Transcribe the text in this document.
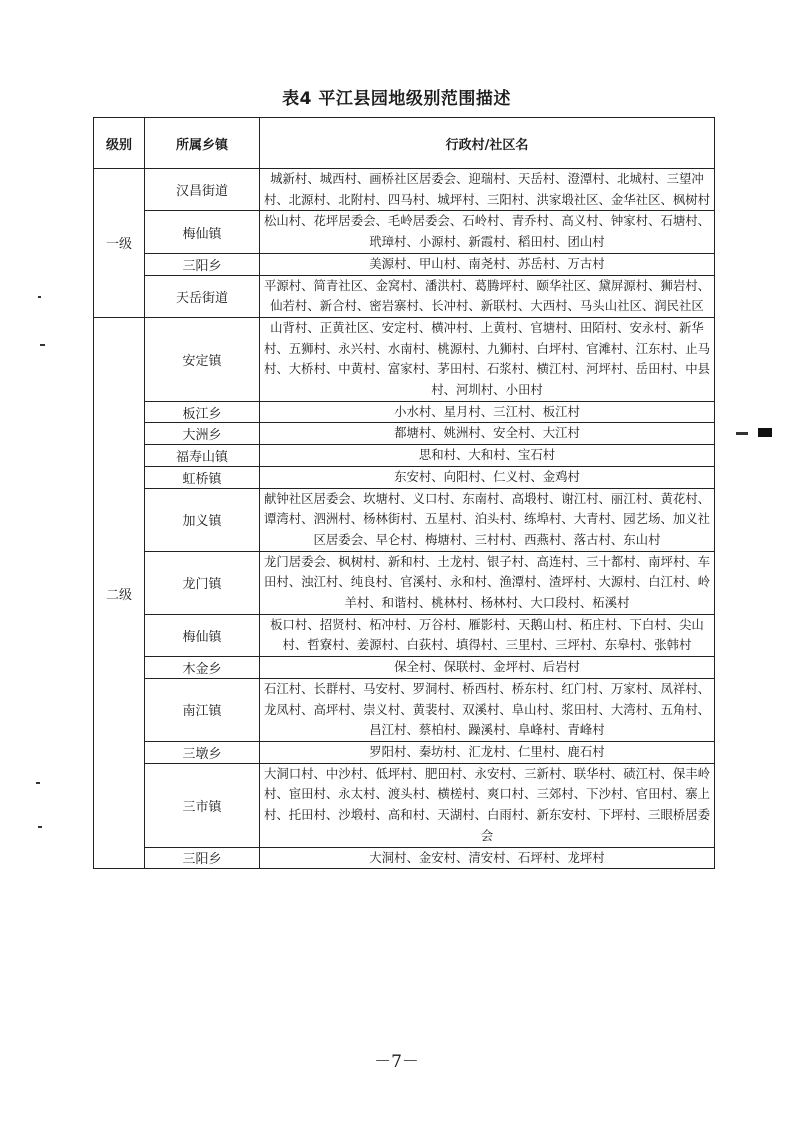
表4 平江县园地级别范围描述
级别	所属乡镇	行政村/社区名
一级	汉昌街道	城新村、城西村、画桥社区居委会、迎瑞村、天岳村、澄潭村、北城村、三望冲村、北源村、北附村、四马村、城坪村、三阳村、洪家塅社区、金华社区、枫树村
	梅仙镇	松山村、花坪居委会、毛岭居委会、石岭村、青乔村、高义村、钟家村、石塘村、玳璋村、小源村、新霞村、稻田村、团山村
	三阳乡	美源村、甲山村、南尧村、苏岳村、万古村
	天岳街道	平源村、简青社区、金窝村、潘洪村、葛腾坪村、颐华社区、黛屏源村、狮岩村、仙若村、新合村、密岩寨村、长冲村、新联村、大西村、马头山社区、润民社区
二级	安定镇	山背村、正黄社区、安定村、横冲村、上黄村、官塘村、田陌村、安永村、新华村、五狮村、永兴村、水南村、桃源村、九狮村、白坪村、官滩村、江东村、止马村、大桥村、中黄村、富家村、茅田村、石浆村、横江村、河坪村、岳田村、中县村、河圳村、小田村
	板江乡	小水村、星月村、三江村、板江村
	大洲乡	都塘村、姚洲村、安全村、大江村
	福寿山镇	思和村、大和村、宝石村
	虹桥镇	东安村、向阳村、仁义村、金鸡村
	加义镇	献钟社区居委会、坎塘村、义口村、东南村、高塅村、谢江村、丽江村、黄花村、谭湾村、泗洲村、杨林街村、五星村、泊头村、练埠村、大青村、园艺场、加义社区居委会、早仑村、梅塘村、三村村、西燕村、落古村、东山村
	龙门镇	龙门居委会、枫树村、新和村、土龙村、银子村、高连村、三十都村、南坪村、车田村、浊江村、纯良村、官溪村、永和村、渔潭村、渣坪村、大源村、白江村、岭羊村、和谐村、桃林村、杨林村、大口段村、柘溪村
	梅仙镇	板口村、招贤村、柘冲村、万谷村、雁影村、天鹅山村、柘庄村、下白村、尖山村、哲寮村、姜源村、白荻村、填得村、三里村、三坪村、东皋村、张韩村
	木金乡	保全村、保联村、金坪村、后岩村
	南江镇	石江村、长群村、马安村、罗洞村、桥西村、桥东村、红门村、万家村、凤祥村、龙凤村、高坪村、崇义村、黄裴村、双溪村、阜山村、浆田村、大湾村、五角村、昌江村、蔡柏村、躁溪村、阜峰村、青峰村
	三墩乡	罗阳村、秦坊村、汇龙村、仁里村、鹿石村
	三市镇	大洞口村、中沙村、低坪村、肥田村、永安村、三新村、联华村、碛江村、保丰岭村、宦田村、永太村、渡头村、横槎村、爽口村、三郊村、下沙村、官田村、寨上村、托田村、沙塅村、高和村、天湖村、白雨村、新东安村、下坪村、三眼桥居委会
	三阳乡	大洞村、金安村、清安村、石坪村、龙坪村
－7－
